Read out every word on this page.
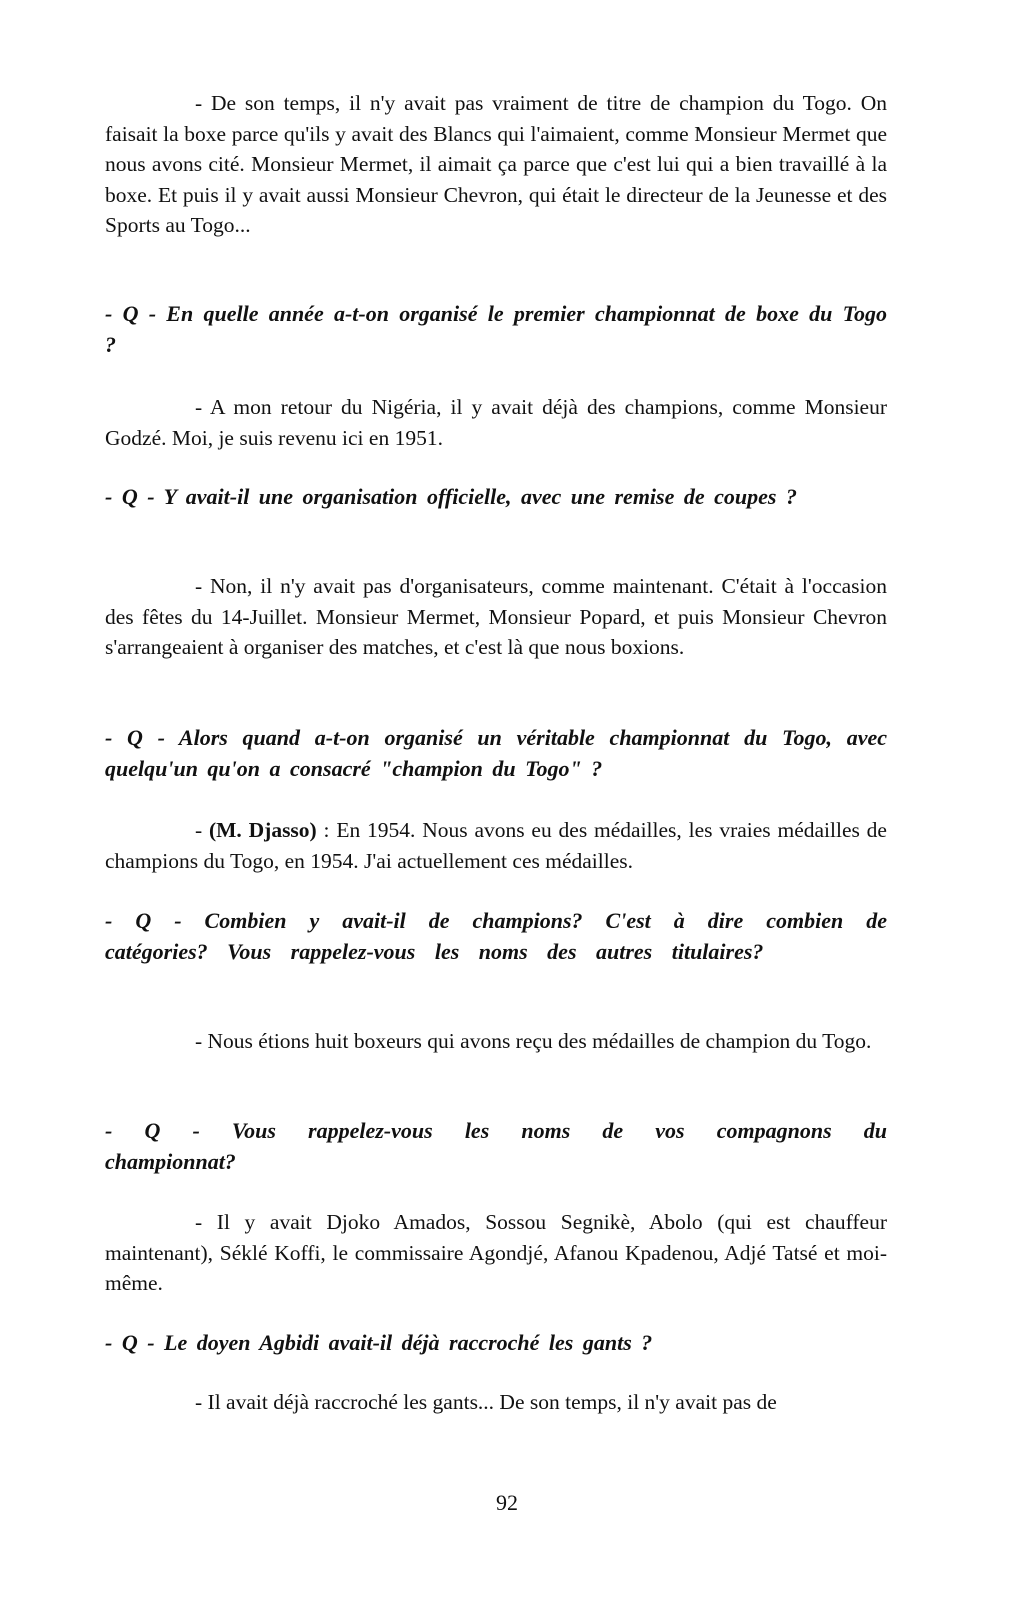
- De son temps, il n'y avait pas vraiment de titre de champion du Togo. On faisait la boxe parce qu'ils y avait des Blancs qui l'aimaient, comme Monsieur Mermet que nous avons cité. Monsieur Mermet, il aimait ça parce que c'est lui qui a bien travaillé à la boxe. Et puis il y avait aussi Monsieur Chevron, qui était le directeur de la Jeunesse et des Sports au Togo...

- Q - En quelle année a-t-on organisé le premier championnat de boxe du Togo ?

- A mon retour du Nigéria, il y avait déjà des champions, comme Monsieur Godzé. Moi, je suis revenu ici en 1951.

- Q - Y avait-il une organisation officielle, avec une remise de coupes ?

- Non, il n'y avait pas d'organisateurs, comme maintenant. C'était à l'occasion des fêtes du 14-Juillet. Monsieur Mermet, Monsieur Popard, et puis Monsieur Chevron s'arrangeaient à organiser des matches, et c'est là que nous boxions.

- Q - Alors quand a-t-on organisé un véritable championnat du Togo, avec quelqu'un qu'on a consacré "champion du Togo" ?

- (M. Djasso) : En 1954. Nous avons eu des médailles, les vraies médailles de champions du Togo, en 1954. J'ai actuellement ces médailles.

- Q - Combien y avait-il de champions? C'est à dire combien de catégories? Vous rappelez-vous les noms des autres titulaires?

- Nous étions huit boxeurs qui avons reçu des médailles de champion du Togo.

- Q - Vous rappelez-vous les noms de vos compagnons du championnat?

- Il y avait Djoko Amados, Sossou Segnikè, Abolo (qui est chauffeur maintenant), Séklé Koffi, le commissaire Agondjé, Afanou Kpadenou, Adjé Tatsé et moi-même.

- Q - Le doyen Agbidi avait-il déjà raccroché les gants ?

- Il avait déjà raccroché les gants... De son temps, il n'y avait pas de

92
